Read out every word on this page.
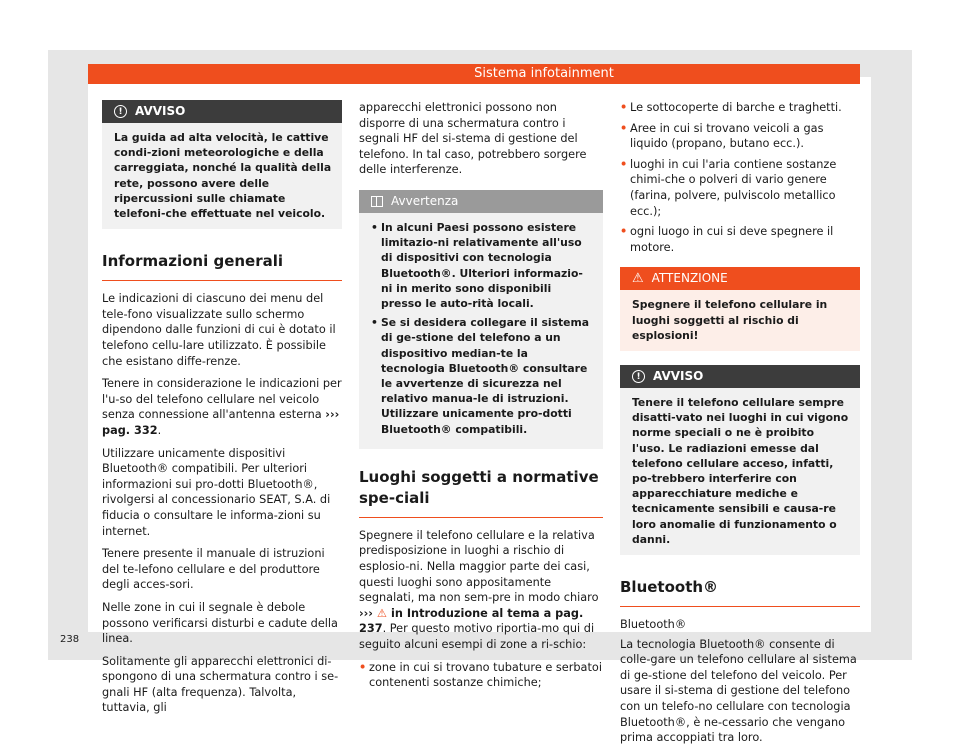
Sistema infotainment
!	AVVISO
La guida ad alta velocità, le cattive condi-zioni meteorologiche e della carreggiata, nonché la qualità della rete, possono avere delle ripercussioni sulle chiamate telefoni-che effettuate nel veicolo.
Informazioni generali

Le indicazioni di ciascuno dei menu del tele-fono visualizzate sullo schermo dipendono dalle funzioni di cui è dotato il telefono cellu-lare utilizzato. È possibile che esistano diffe-renze.

Tenere in considerazione le indicazioni per l'u-so del telefono cellulare nel veicolo senza connessione all'antenna esterna ››› pag. 332.

Utilizzare unicamente dispositivi Bluetooth® compatibili. Per ulteriori informazioni sui pro-dotti Bluetooth®, rivolgersi al concessionario SEAT, S.A. di fiducia o consultare le informa-zioni su internet.

Tenere presente il manuale di istruzioni del te-lefono cellulare e del produttore degli acces-sori.

Nelle zone in cui il segnale è debole possono verificarsi disturbi e cadute della linea.

Solitamente gli apparecchi elettronici di-spongono di una schermatura contro i se-gnali HF (alta frequenza). Talvolta, tuttavia, gli

apparecchi elettronici possono non disporre di una schermatura contro i segnali HF del si-stema di gestione del telefono. In tal caso, potrebbero sorgere delle interferenze.

Avvertenza
• In alcuni Paesi possono esistere limitazio-ni relativamente all'uso di dispositivi con tecnologia Bluetooth®. Ulteriori informazio-ni in merito sono disponibili presso le auto-rità locali.
• Se si desidera collegare il sistema di ge-stione del telefono a un dispositivo median-te la tecnologia Bluetooth® consultare le avvertenze di sicurezza nel relativo manua-le di istruzioni. Utilizzare unicamente pro-dotti Bluetooth® compatibili.
Luoghi soggetti a normative spe-ciali

Spegnere il telefono cellulare e la relativa predisposizione in luoghi a rischio di esplosio-ni. Nella maggior parte dei casi, questi luoghi sono appositamente segnalati, ma non sem-pre in modo chiaro ››› ⚠ in Introduzione al tema a pag. 237. Per questo motivo riportia-mo qui di seguito alcuni esempi di zone a ri-schio:

• zone in cui si trovano tubature e serbatoi contenenti sostanze chimiche;
• Le sottocoperte di barche e traghetti.
• Aree in cui si trovano veicoli a gas liquido (propano, butano ecc.).
• luoghi in cui l'aria contiene sostanze chimi-che o polveri di vario genere (farina, polvere, pulviscolo metallico ecc.);
• ogni luogo in cui si deve spegnere il motore.
⚠ ATTENZIONE
Spegnere il telefono cellulare in luoghi soggetti al rischio di esplosioni!
!	AVVISO
Tenere il telefono cellulare sempre disatti-vato nei luoghi in cui vigono norme speciali o ne è proibito l'uso. Le radiazioni emesse dal telefono cellulare acceso, infatti, po-trebbero interferire con apparecchiature mediche e tecnicamente sensibili e causa-re loro anomalie di funzionamento o danni.
Bluetooth®

Bluetooth®

La tecnologia Bluetooth® consente di colle-gare un telefono cellulare al sistema di ge-stione del telefono del veicolo. Per usare il si-stema di gestione del telefono con un telefo-no cellulare con tecnologia Bluetooth®, è ne-cessario che vengano prima accoppiati tra loro.

238
